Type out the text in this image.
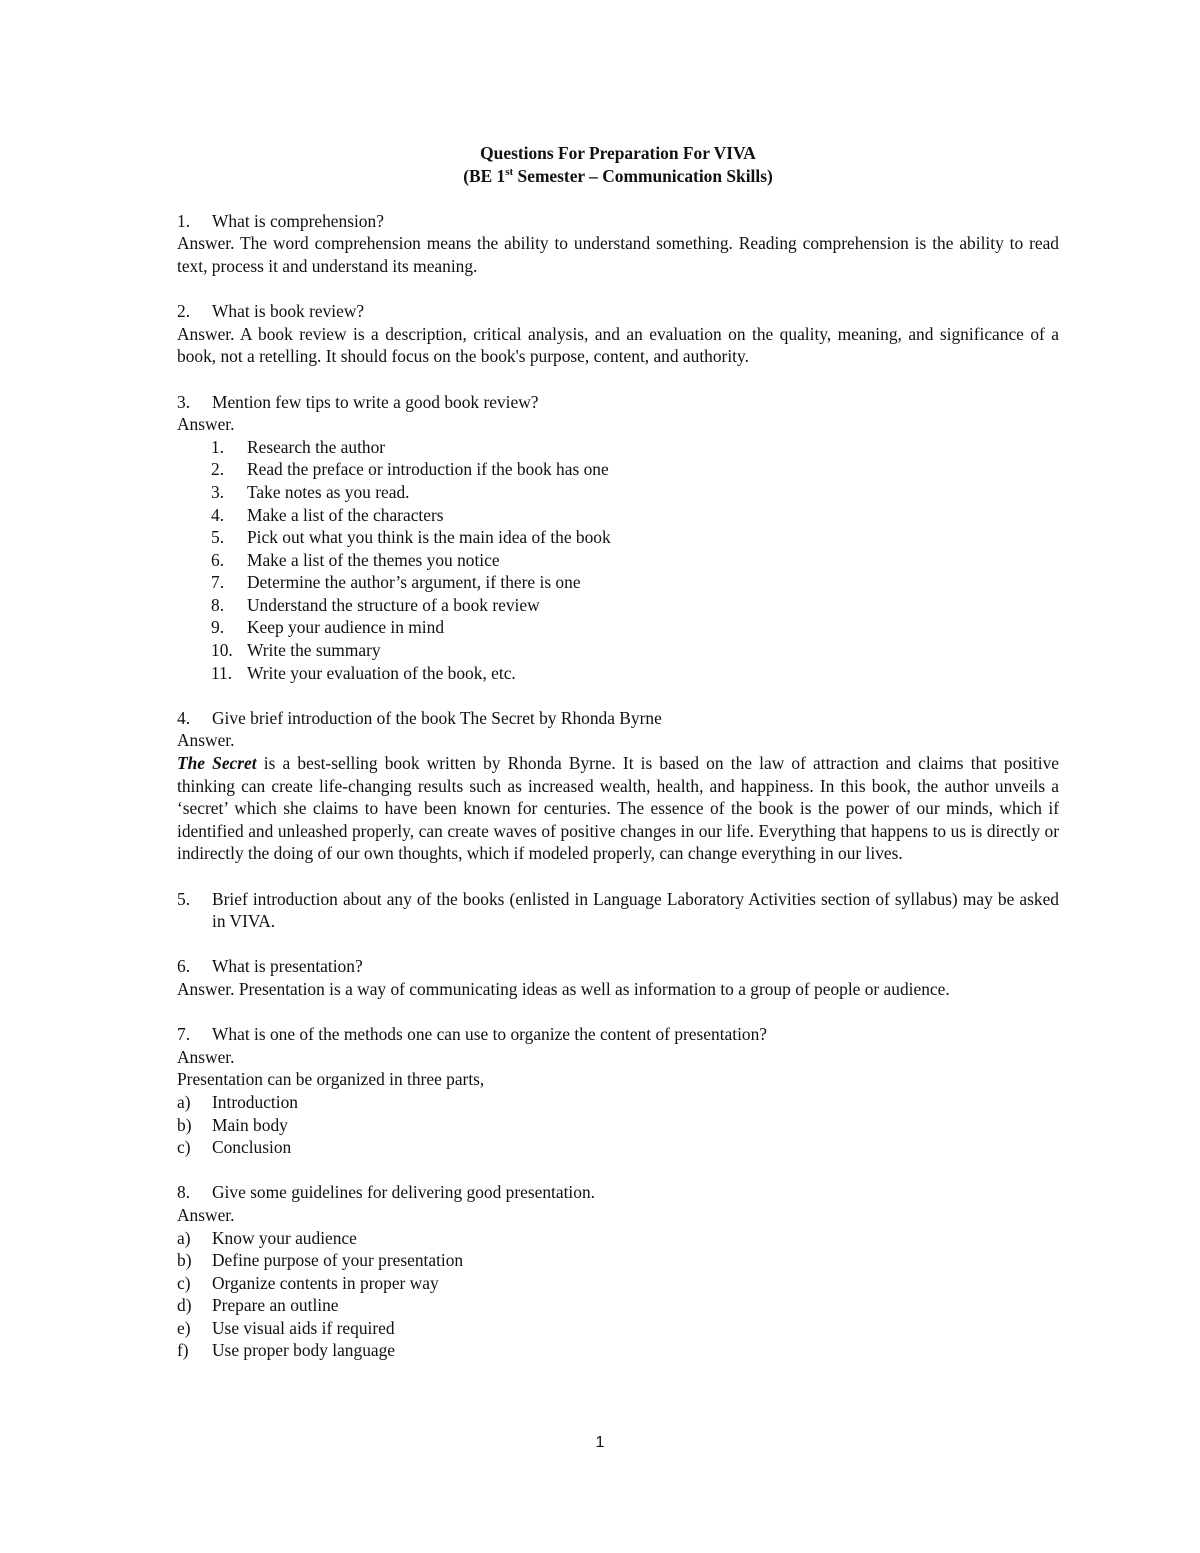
Questions For Preparation For VIVA
(BE 1st Semester – Communication Skills)
1.	What is comprehension?
Answer. The word comprehension means the ability to understand something. Reading comprehension is the ability to read text, process it and understand its meaning.
2.	What is book review?
Answer. A book review is a description, critical analysis, and an evaluation on the quality, meaning, and significance of a book, not a retelling. It should focus on the book's purpose, content, and authority.
3.	Mention few tips to write a good book review?
Answer.
1.	Research the author
2.	Read the preface or introduction if the book has one
3.	Take notes as you read.
4.	Make a list of the characters
5.	Pick out what you think is the main idea of the book
6.	Make a list of the themes you notice
7.	Determine the author’s argument, if there is one
8.	Understand the structure of a book review
9.	Keep your audience in mind
10. Write the summary
11. Write your evaluation of the book, etc.
4.	Give brief introduction of the book The Secret by Rhonda Byrne
Answer.
The Secret is a best-selling book written by Rhonda Byrne. It is based on the law of attraction and claims that positive thinking can create life-changing results such as increased wealth, health, and happiness. In this book, the author unveils a ‘secret’ which she claims to have been known for centuries. The essence of the book is the power of our minds, which if identified and unleashed properly, can create waves of positive changes in our life. Everything that happens to us is directly or indirectly the doing of our own thoughts, which if modeled properly, can change everything in our lives.
5.	Brief introduction about any of the books (enlisted in Language Laboratory Activities section of syllabus) may be asked in VIVA.
6.	What is presentation?
Answer. Presentation is a way of communicating ideas as well as information to a group of people or audience.
7.	What is one of the methods one can use to organize the content of presentation?
Answer.
Presentation can be organized in three parts,
a)	Introduction
b)	Main body
c)	Conclusion
8.	Give some guidelines for delivering good presentation.
Answer.
a)	Know your audience
b)	Define purpose of your presentation
c)	Organize contents in proper way
d)	Prepare an outline
e)	Use visual aids if required
f)	Use proper body language
1
